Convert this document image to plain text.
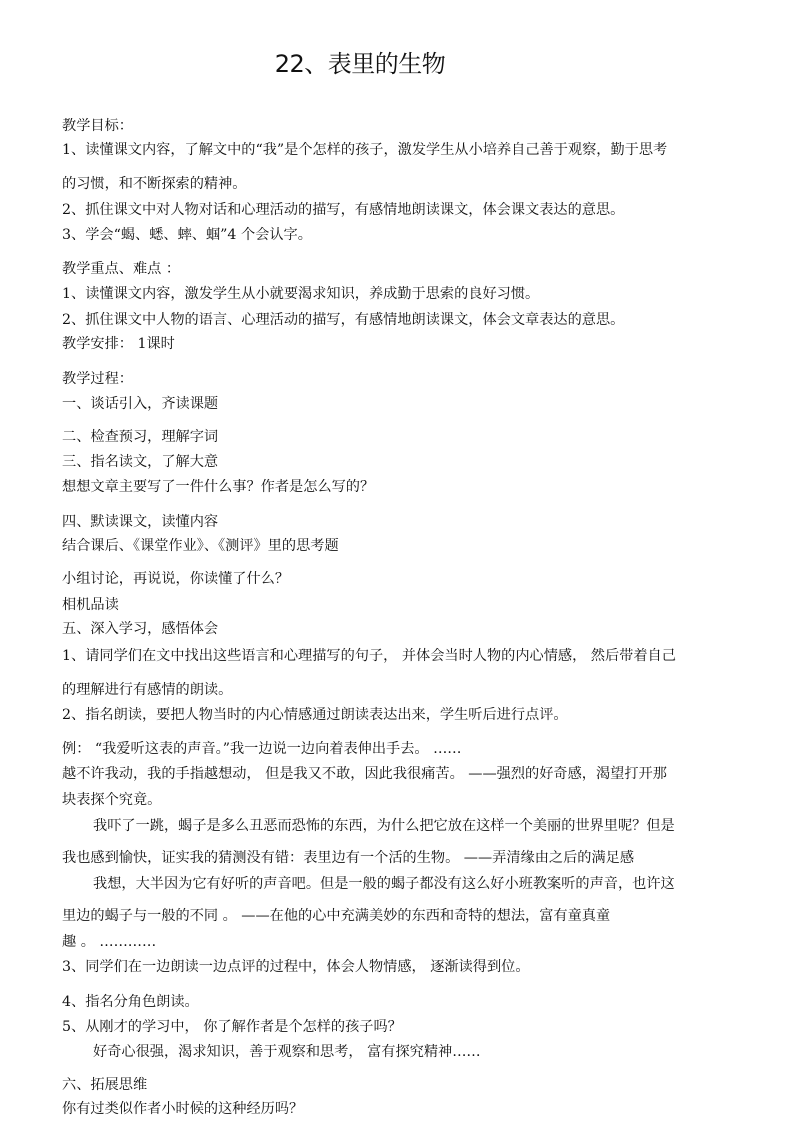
22、表里的生物
教学目标：
1、读懂课文内容，了解文中的“我”是个怎样的孩子，激发学生从小培养自己善于观察，勤于思考
的习惯，和不断探索的精神。
2、抓住课文中对人物对话和心理活动的描写，有感情地朗读课文，体会课文表达的意思。
3、学会“蝎、蟋、蟀、蝈”4 个会认字。
教学重点、难点 ：
1、读懂课文内容，激发学生从小就要渴求知识，养成勤于思索的良好习惯。
2、抓住课文中人物的语言、心理活动的描写，有感情地朗读课文，体会文章表达的意思。
教学安排： 1课时
教学过程：
一、谈话引入，齐读课题
二、检查预习，理解字词
三、指名读文，了解大意
想想文章主要写了一件什么事？作者是怎么写的？
四、默读课文，读懂内容
结合课后、《课堂作业》、《测评》里的思考题
小组讨论，再说说，你读懂了什么？
相机品读
五、深入学习，感悟体会
1、请同学们在文中找出这些语言和心理描写的句子， 并体会当时人物的内心情感， 然后带着自己
的理解进行有感情的朗读。
2、指名朗读，要把人物当时的内心情感通过朗读表达出来，学生听后进行点评。
例： “我爱听这表的声音。”我一边说一边向着表伸出手去。 ……
越不许我动，我的手指越想动， 但是我又不敢，因此我很痛苦。 ——强烈的好奇感，渴望打开那
块表探个究竟。
我吓了一跳，蝎子是多么丑恶而恐怖的东西，为什么把它放在这样一个美丽的世界里呢？但是
我也感到愉快，证实我的猜测没有错：表里边有一个活的生物。 ——弄清缘由之后的满足感
我想，大半因为它有好听的声音吧。但是一般的蝎子都没有这么好小班教案听的声音，也许这
里边的蝎子与一般的不同 。 ——在他的心中充满美妙的东西和奇特的想法，富有童真童
趣 。 …………
3、同学们在一边朗读一边点评的过程中，体会人物情感， 逐渐读得到位。
4、指名分角色朗读。
5、从刚才的学习中， 你了解作者是个怎样的孩子吗？
好奇心很强，渴求知识，善于观察和思考， 富有探究精神……
六、拓展思维
你有过类似作者小时候的这种经历吗？
